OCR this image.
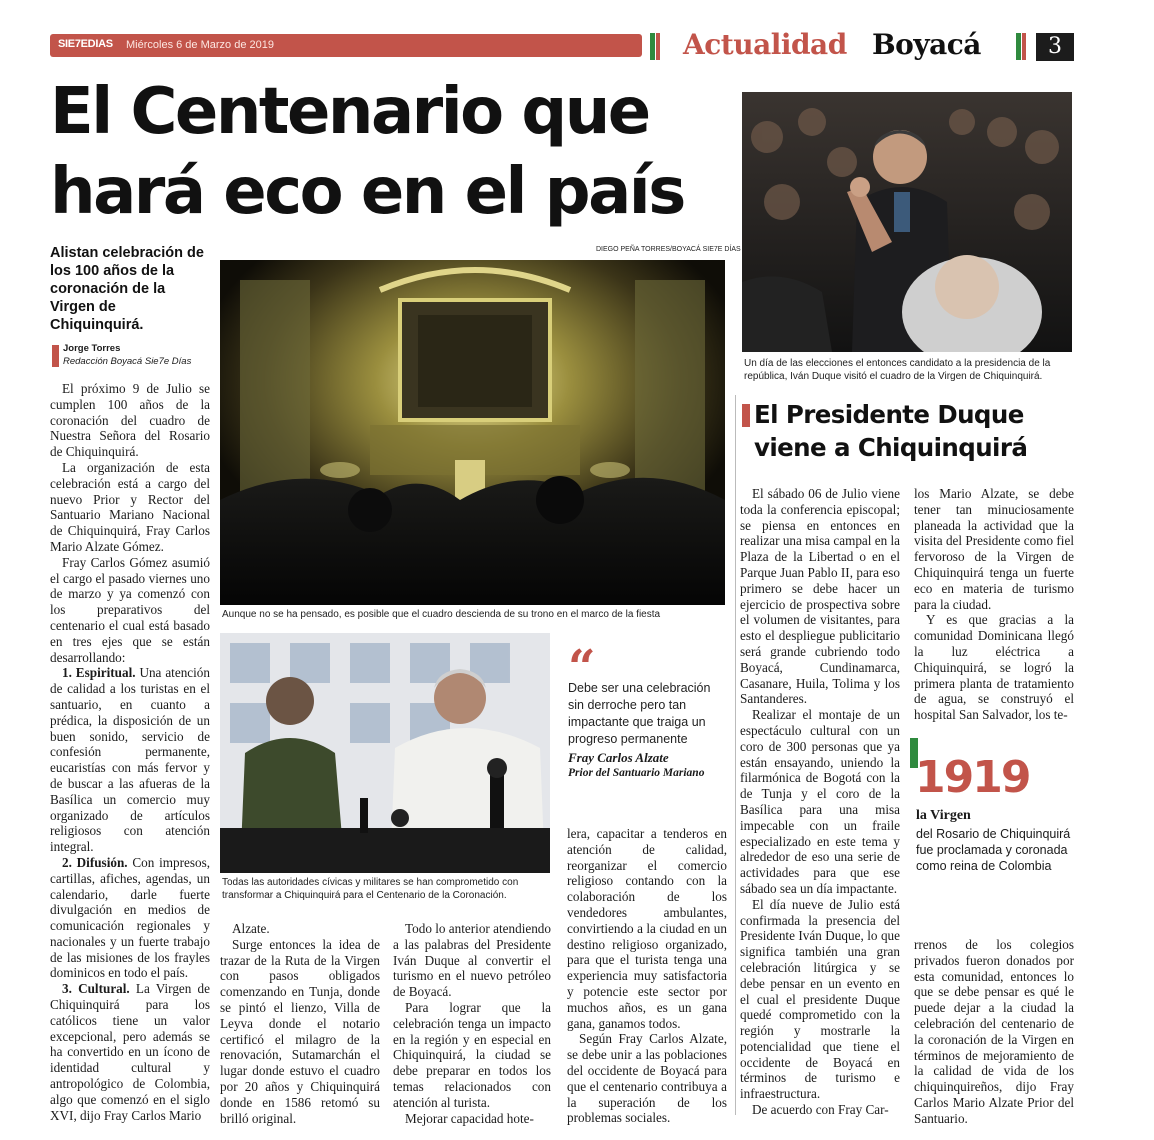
SIE7EDIAS Miércoles 6 de Marzo de 2019	Actualidad Boyacá	3
El Centenario que
hará eco en el país
DIEGO PEÑA TORRES/BOYACÁ SIE7E DÍAS
Alistan celebración de los 100 años de la coronación de la Virgen de Chiquinquirá.
Jorge Torres
Redacción Boyacá Sie7e Días
Aunque no se ha pensado, es posible que el cuadro descienda de su trono en el marco de la fiesta
Todas las autoridades cívicas y militares se han comprometido con transformar a Chiquinquirá para el Centenario de la Coronación.

El próximo 9 de Julio se cumplen 100 años de la coronación del cuadro de Nuestra Señora del Rosario de Chiquinquirá.

La organización de esta celebración está a cargo del nuevo Prior y Rector del Santuario Mariano Nacional de Chiquinquirá, Fray Carlos Mario Alzate Gómez.

Fray Carlos Gómez asumió el cargo el pasado viernes uno de marzo y ya comenzó con los preparativos del centenario el cual está basado en tres ejes que se están desarrollando:

1. Espiritual. Una atención de calidad a los turistas en el santuario, en cuanto a prédica, la disposición de un buen sonido, servicio de confesión permanente, eucaristías con más fervor y de buscar a las afueras de la Basílica un comercio muy organizado de artículos religiosos con atención integral.

2. Difusión. Con impresos, cartillas, afiches, agendas, un calendario, darle fuerte divulgación en medios de comunicación regionales y nacionales y un fuerte trabajo de las misiones de los frayles dominicos en todo el país.

3. Cultural. La Virgen de Chiquinquirá para los católicos tiene un valor excepcional, pero además se ha convertido en un ícono de identidad cultural y antropológico de Colombia, algo que comenzó en el siglo XVI, dijo Fray Carlos Mario

Alzate.

Surge entonces la idea de trazar de la Ruta de la Virgen con pasos obligados comenzando en Tunja, donde se pintó el lienzo, Villa de Leyva donde el notario certificó el milagro de la renovación, Sutamarchán el lugar donde estuvo el cuadro por 20 años y Chiquinquirá donde en 1586 retomó su brilló original.

Todo lo anterior atendiendo a las palabras del Presidente Iván Duque al convertir el turismo en el nuevo petróleo de Boyacá.

Para lograr que la celebración tenga un impacto en la región y en especial en Chiquinquirá, la ciudad se debe preparar en todos los temas relacionados con atención al turista.

Mejorar capacidad hote-

“
Debe ser una celebración sin derroche pero tan impactante que traiga un progreso permanente
Fray Carlos Alzate
Prior del Santuario Mariano

lera, capacitar a tenderos en atención de calidad, reorganizar el comercio religioso contando con la colaboración de los vendedores ambulantes, convirtiendo a la ciudad en un destino religioso organizado, para que el turista tenga una experiencia muy satisfactoria y potencie este sector por muchos años, es un gana gana, ganamos todos.

Según Fray Carlos Alzate, se debe unir a las poblaciones del occidente de Boyacá para que el centenario contribuya a la superación de los problemas sociales.

Un día de las elecciones el entonces candidato a la presidencia de la república, Iván Duque visitó el cuadro de la Virgen de Chiquinquirá.
El Presidente Duque
viene a Chiquinquirá

El sábado 06 de Julio viene toda la conferencia episcopal; se piensa en entonces en realizar una misa campal en la Plaza de la Libertad o en el Parque Juan Pablo II, para eso primero se debe hacer un ejercicio de prospectiva sobre el volumen de visitantes, para esto el despliegue publicitario será grande cubriendo todo Boyacá, Cundinamarca, Casanare, Huila, Tolima y los Santanderes.

Realizar el montaje de un espectáculo cultural con un coro de 300 personas que ya están ensayando, uniendo la filarmónica de Bogotá con la de Tunja y el coro de la Basílica para una misa impecable con un fraile especializado en este tema y alrededor de eso una serie de actividades para que ese sábado sea un día impactante.

El día nueve de Julio está confirmada la presencia del Presidente Iván Duque, lo que significa también una gran celebración litúrgica y se debe pensar en un evento en el cual el presidente Duque quedé comprometido con la región y mostrarle la potencialidad que tiene el occidente de Boyacá en términos de turismo e infraestructura.

De acuerdo con Fray Car-

los Mario Alzate, se debe tener tan minuciosamente planeada la actividad que la visita del Presidente como fiel fervoroso de la Virgen de Chiquinquirá tenga un fuerte eco en materia de turismo para la ciudad.

Y es que gracias a la comunidad Dominicana llegó la luz eléctrica a Chiquinquirá, se logró la primera planta de tratamiento de agua, se construyó el hospital San Salvador, los te-

1919
la Virgen
del Rosario de Chiquinquirá fue proclamada y coronada como reina de Colombia

rrenos de los colegios privados fueron donados por esta comunidad, entonces lo que se debe pensar es qué le puede dejar a la ciudad la celebración del centenario de la coronación de la Virgen en términos de mejoramiento de la calidad de vida de los chiquinquireños, dijo Fray Carlos Mario Alzate Prior del Santuario.
